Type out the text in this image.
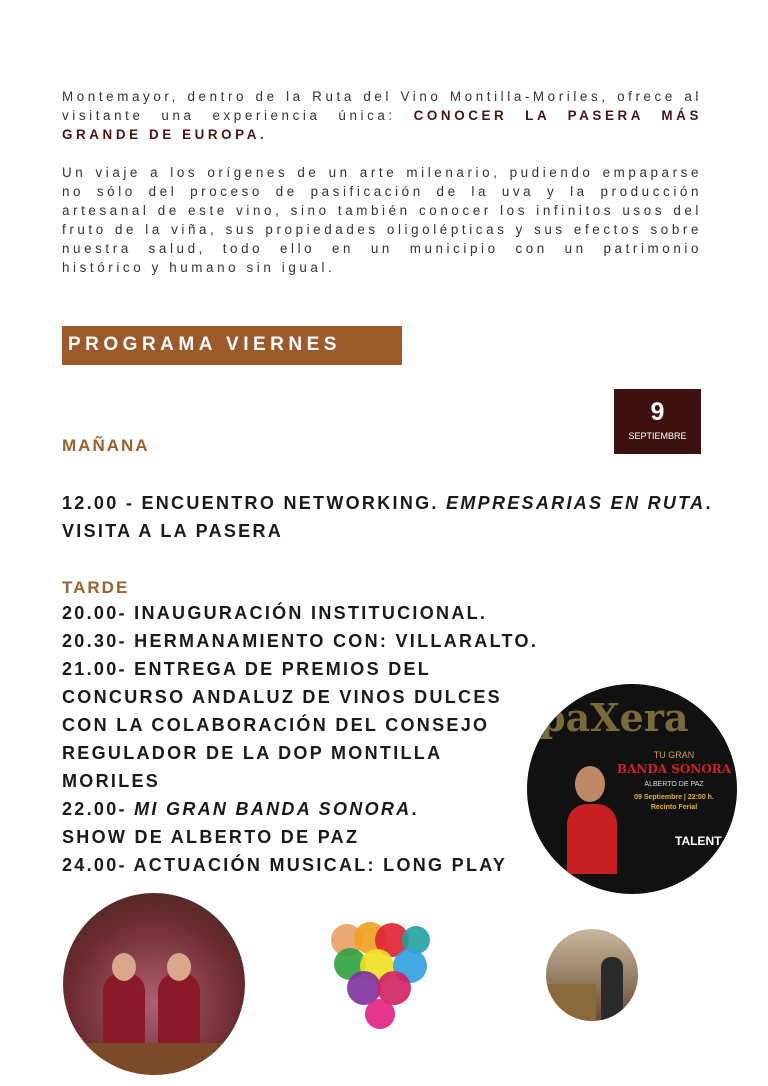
Montemayor, dentro de la Ruta del Vino Montilla-Moriles, ofrece al visitante una experiencia única: CONOCER LA PASERA MÁS GRANDE DE EUROPA.

Un viaje a los orígenes de un arte milenario, pudiendo empaparse no sólo del proceso de pasificación de la uva y la producción artesanal de este vino, sino también conocer los infinitos usos del fruto de la viña, sus propiedades oligolépticas y sus efectos sobre nuestra salud, todo ello en un municipio con un patrimonio histórico y humano sin igual.

PROGRAMA VIERNES
9
SEPTIEMBRE
MAÑANA
12.00 - ENCUENTRO NETWORKING. EMPRESARIAS EN RUTA.
VISITA A LA PASERA
TARDE
20.00- INAUGURACIÓN INSTITUCIONAL.
20.30- HERMANAMIENTO CON: VILLARALTO.
21.00- ENTREGA DE PREMIOS DEL
CONCURSO ANDALUZ DE VINOS DULCES
CON LA COLABORACIÓN DEL CONSEJO
REGULADOR DE LA DOP MONTILLA
MORILES
22.00- MI GRAN BANDA SONORA.
SHOW DE ALBERTO DE PAZ
24.00- ACTUACIÓN MUSICAL: LONG PLAY
paXera
TU GRAN
BANDA SONORA
ALBERTO DE PAZ
09 Septiembre | 22:00 h.
Recinto Ferial
TALENT
